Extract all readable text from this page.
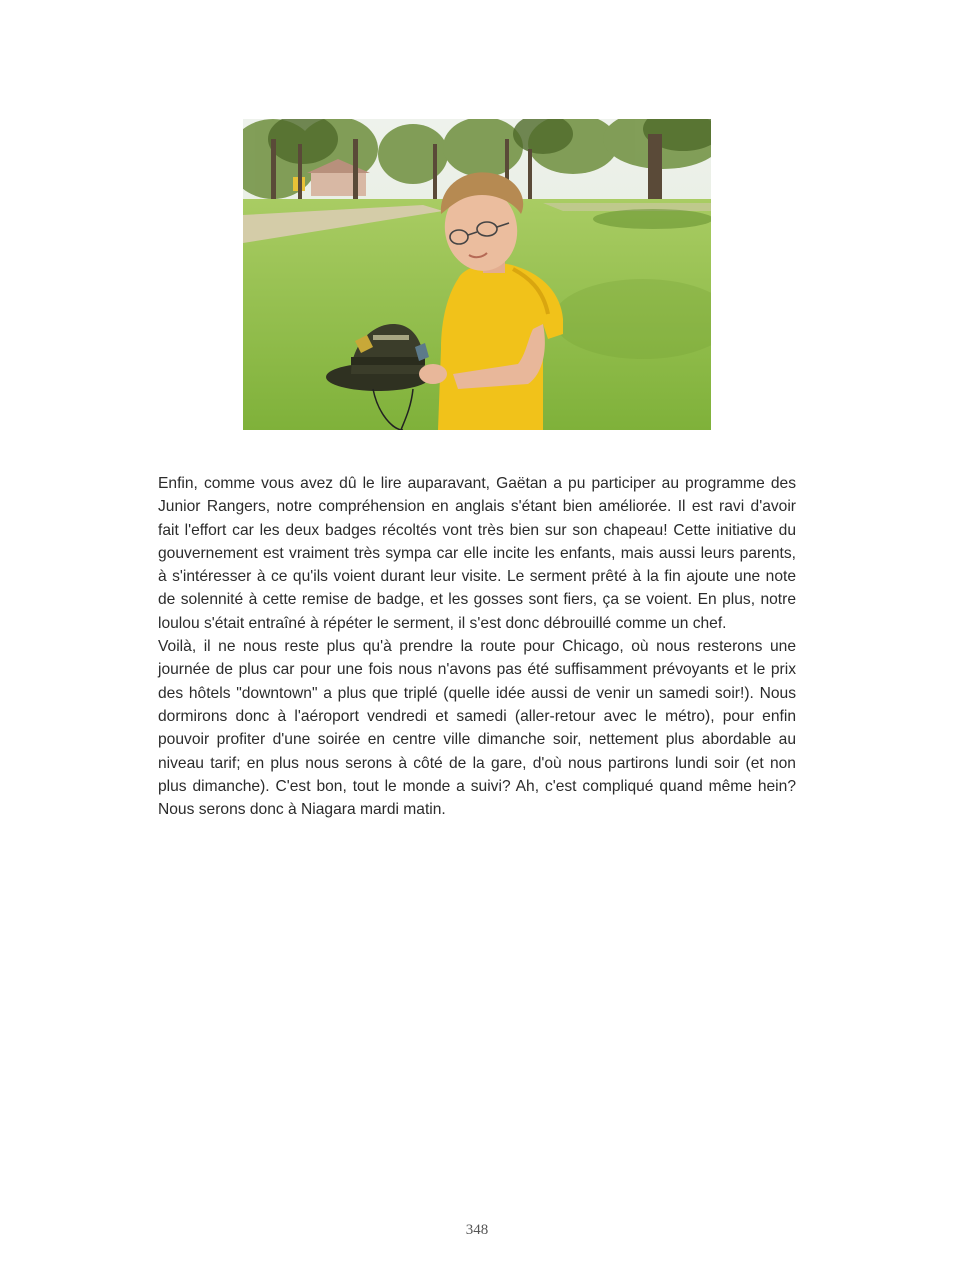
Enfin, comme vous avez dû le lire auparavant, Gaëtan a pu participer au programme des Junior Rangers, notre compréhension en anglais s'étant bien améliorée. Il est ravi d'avoir fait l'effort car les deux badges récoltés vont très bien sur son chapeau! Cette initiative du gouvernement est vraiment très sympa car elle incite les enfants, mais aussi leurs parents, à s'intéresser à ce qu'ils voient durant leur visite. Le serment prêté à la fin ajoute une note de solennité à cette remise de badge, et les gosses sont fiers, ça se voient. En plus, notre loulou s'était entraîné à répéter le serment, il s'est donc débrouillé comme un chef.

Voilà, il ne nous reste plus qu'à prendre la route pour Chicago, où nous resterons une journée de plus car pour une fois nous n'avons pas été suffisamment prévoyants et le prix des hôtels "downtown" a plus que triplé (quelle idée aussi de venir un samedi soir!). Nous dormirons donc à l'aéroport vendredi et samedi (aller-retour avec le métro), pour enfin pouvoir profiter d'une soirée en centre ville dimanche soir, nettement plus abordable au niveau tarif; en plus nous serons à côté de la gare, d'où nous partirons lundi soir (et non plus dimanche). C'est bon, tout le monde a suivi? Ah, c'est compliqué quand même hein? Nous serons donc à Niagara mardi matin.

348
